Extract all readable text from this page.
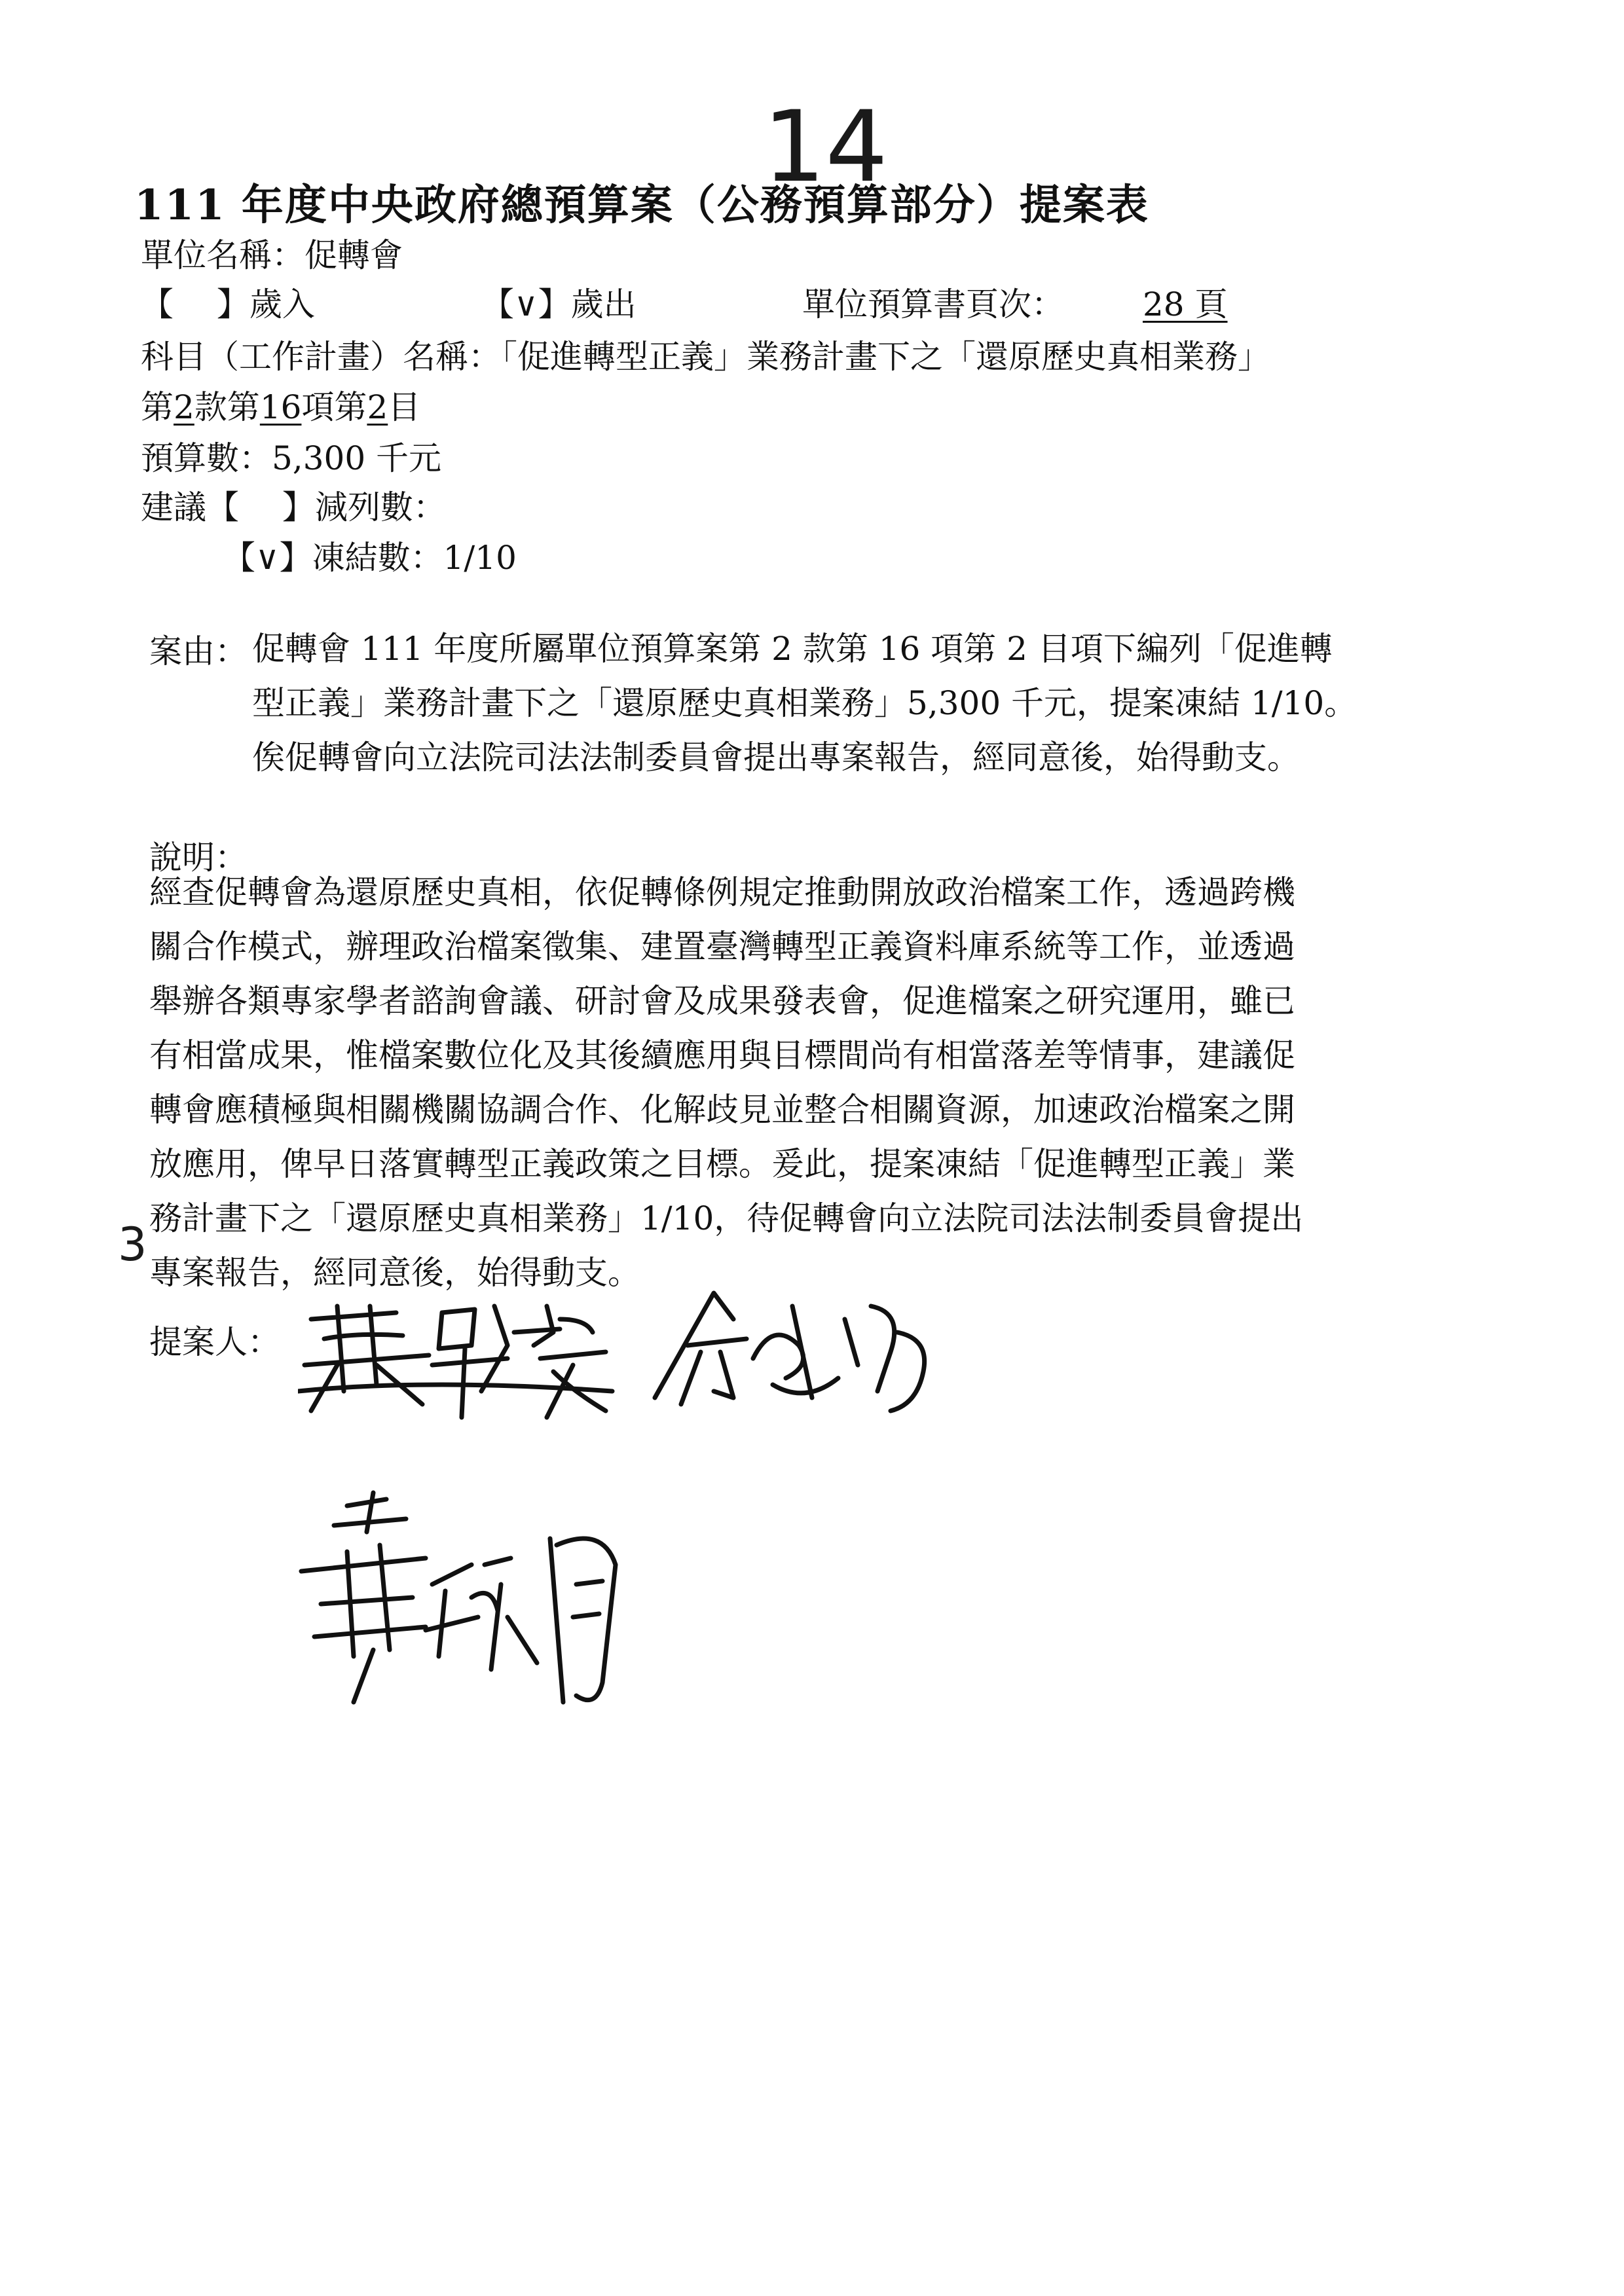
14
111 年度中央政府總預算案（公務預算部分）提案表
單位名稱：促轉會
【　 】歲入	【∨】歲出	單位預算書頁次： 28 頁
科目（工作計畫）名稱：「促進轉型正義」業務計畫下之「還原歷史真相業務」
第2款第16項第2目
預算數：5,300 千元
建議【　 】減列數：
【∨】凍結數：1/10
案由： 促轉會 111 年度所屬單位預算案第 2 款第 16 項第 2 目項下編列「促進轉
型正義」業務計畫下之「還原歷史真相業務」5,300 千元，提案凍結 1/10。
俟促轉會向立法院司法法制委員會提出專案報告，經同意後，始得動支。
說明：
經查促轉會為還原歷史真相，依促轉條例規定推動開放政治檔案工作，透過跨機
關合作模式，辦理政治檔案徵集、建置臺灣轉型正義資料庫系統等工作，並透過
舉辦各類專家學者諮詢會議、研討會及成果發表會，促進檔案之研究運用，雖已
有相當成果，惟檔案數位化及其後續應用與目標間尚有相當落差等情事，建議促
轉會應積極與相關機關協調合作、化解歧見並整合相關資源，加速政治檔案之開
放應用，俾早日落實轉型正義政策之目標。爰此，提案凍結「促進轉型正義」業
務計畫下之「還原歷史真相業務」1/10，待促轉會向立法院司法法制委員會提出
專案報告，經同意後，始得動支。
3
提案人：
